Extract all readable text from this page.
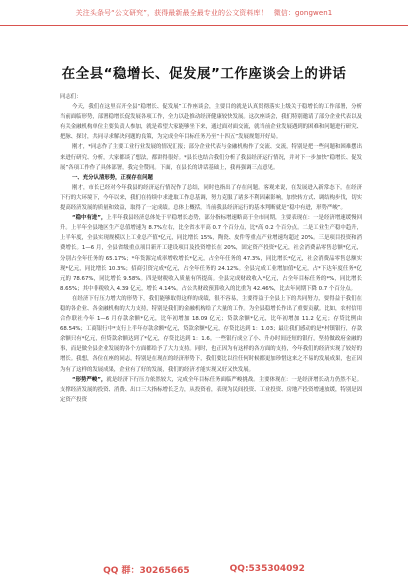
关注头条号“公文研究”，获得最新最全最专业的公文资料库！ 微信：gongwen1
在全县“稳增长、促发展”工作座谈会上的讲话

同志们：

今天，我们在这里召开全县“稳增长、促发展”工作座谈会，主要目的就是认真贯彻落实上级关于稳增长的工作部署，分析当前面临形势，部署稳增长促发展各项工作，全力以赴推动经济健康较快发展。这次座谈会，我们特别邀请了部分企业代表以及有关金融机构单位主要负责人参加，就是希望大家能够坐下来，通过面对面交流，就当前企业发展遇到的困难和问题进行研究、把脉、探讨，共同寻求解决问题的良策，为完成全年目标任务乃至“十四五”发展规划开好局。

刚才，*同志作了主要工业行业发展的情况汇报；部分企业代表与金融机构作了交流、交流，特别是把一些问题和困难摆出来进行研究、分析，大家都谈了想法，都讲得很好。*县长也结合我们分析了我县经济运行情况，并对下一步加快“稳增长、促发展”各项工作作了具体部署，我完全赞同。下面，在县长的讲话基础上，我再强调三点意见。

一、充分认清形势，正视存在问题

刚才，市长已经对今年我县的经济运行情况作了总结，同时也指出了存在问题。客观来说，在发展进入新常态下，在经济下行的大环境下，今年以来，我们在持续中求进取工作总基调，努力克服了诸多不利因素影响，加快转方式、调结构步伐，切实提高经济发展的质量和效益，取得了一定成绩。总体上概括，当前我县经济运行的基本判断就是“稳中有进，形势严峻”。

“稳中有进”，上半年我县经济总体处于平稳增长态势，部分指标增速略高于全市同期，主要表现在：一是经济增速缓慢回升。上半年全县地区生产总值增速为 8.7%左右，比全省水平高 0.7 个百分点，比*高 0.2 个百分点。二是工业生产稳中趋升，上半年度，全县实现规模以上工业总产值*亿元，同比增长 15%，陶瓷、皮件等重点产业增速均超过 20%。三是项目投资和消费增长。1—6 月，全县省级重点项目新开工建设项目及投资增长在 20%，固定资产投资*亿元，社会消费品零售总额*亿元，分别占全年任务的 65.17%；*年货源完成率增收增长*亿元，占全年任务的 47.3%，同比增长*亿元，社会消费品零售总额实现*亿元，同比增长 10.3%；招商引资完成*亿元，占全年任务的 24.12%。全县完成工业增加值*亿元，占*下达年度任务*亿元的 78.67%，同比增长 9.58%。四是财税收入质量有所提高。全县完成财政收入*亿元，占全年目标任务的*%，同比增长 8.65%；其中非税收入 4.39 亿元，增长 4.14%。占公共财政预算收入的比重为 42.46%，比去年同期下降 0.7 个百分点。

在经济下行压力增大的形势下，我们能够取得这样的成绩，很不容易，主要得益于全县上下的共同努力，要得益于我们在稳的各企业、各金融机构的大力支持，特别是我们的金融机构给了大量的工作。为全县稳增长作出了重要贡献。比如，农村信用合作联社今年 1—6 月存款余额*亿元，比年初增加 18.09 亿元；贷款余额*亿元，比年初增加 11.2 亿元；存贷比例由 68.54%；工商银行中*支行上半年存款余额*亿元，贷款余额*亿元，存贷比达到 1：1.03；最让我们感动的是*村镇银行，存款余额只有*亿元，但贷款余额达到了*亿元，存贷比达到 1：1.6。一些银行成立了小、升办时间还短的银行，坚持做政府金融的事，而是做全县企业发展的各个方面都给予了大力支持。同时，也正因为有这样的各方面的支持，今年我们的经济实现了较好的增长。我想，各位在座的同志，特别是在现在的经济形势下，我们要比以往任何时候都更加珍惜这来之不易的发展成果，也正因为有了这样的发展成果，企业有了好的发展，我们的经济才能实现又好又快发展。

“形势严峻”，就是经济下行压力依然较大，完成全年目标任务面临严峻挑战。主要体现在：一是经济增长动力仍然不足。支撑经济发展的投资、消费、出口三大指标增长乏力，从投资看，表现为民间投资、工业投资、房地产投资增速放缓，特别是固定资产投资

QQ 群：30265665	QQ:535304092
